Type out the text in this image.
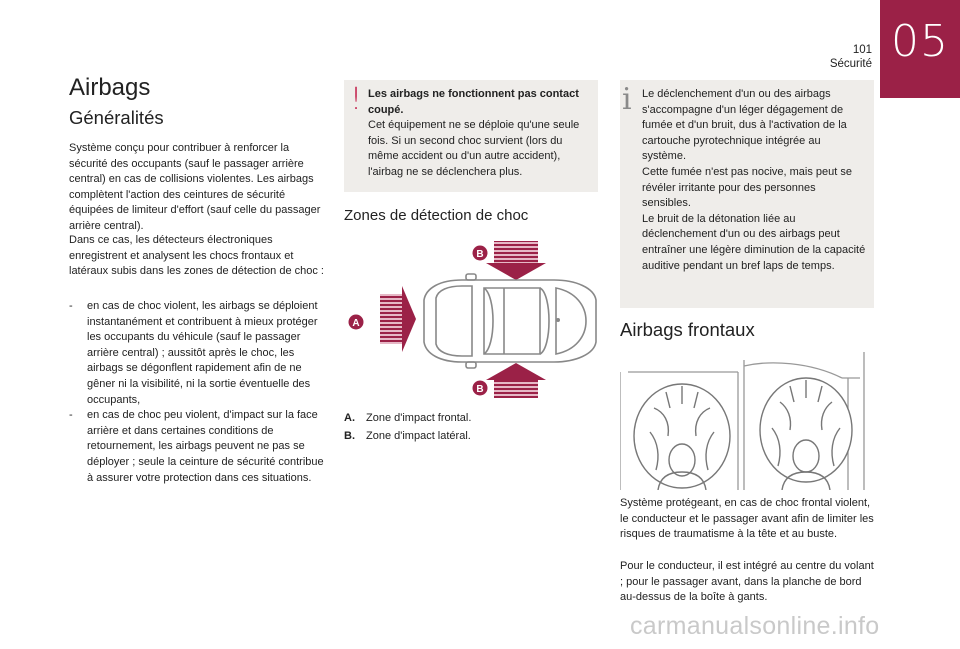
05
101
Sécurité
Airbags
Généralités
Système conçu pour contribuer à renforcer la sécurité des occupants (sauf le passager arrière central) en cas de collisions violentes. Les airbags complètent l'action des ceintures de sécurité équipées de limiteur d'effort (sauf celle du passager arrière central).
Dans ce cas, les détecteurs électroniques enregistrent et analysent les chocs frontaux et latéraux subis dans les zones de détection de choc :
- en cas de choc violent, les airbags se déploient instantanément et contribuent à mieux protéger les occupants du véhicule (sauf le passager arrière central) ; aussitôt après le choc, les airbags se dégonflent rapidement afin de ne gêner ni la visibilité, ni la sortie éventuelle des occupants,
- en cas de choc peu violent, d'impact sur la face arrière et dans certaines conditions de retournement, les airbags peuvent ne pas se déployer ; seule la ceinture de sécurité contribue à assurer votre protection dans ces situations.
! Les airbags ne fonctionnent pas contact coupé.
Cet équipement ne se déploie qu'une seule fois. Si un second choc survient (lors du même accident ou d'un autre accident), l'airbag ne se déclenchera plus.
Zones de détection de choc
B
A
B
A. Zone d'impact frontal.
B. Zone d'impact latéral.
i Le déclenchement d'un ou des airbags s'accompagne d'un léger dégagement de fumée et d'un bruit, dus à l'activation de la cartouche pyrotechnique intégrée au système.
Cette fumée n'est pas nocive, mais peut se révéler irritante pour des personnes sensibles.
Le bruit de la détonation liée au déclenchement d'un ou des airbags peut entraîner une légère diminution de la capacité auditive pendant un bref laps de temps.
Airbags frontaux
Système protégeant, en cas de choc frontal violent, le conducteur et le passager avant afin de limiter les risques de traumatisme à la tête et au buste.
Pour le conducteur, il est intégré au centre du volant ; pour le passager avant, dans la planche de bord au-dessus de la boîte à gants.
carmanualsonline.info
